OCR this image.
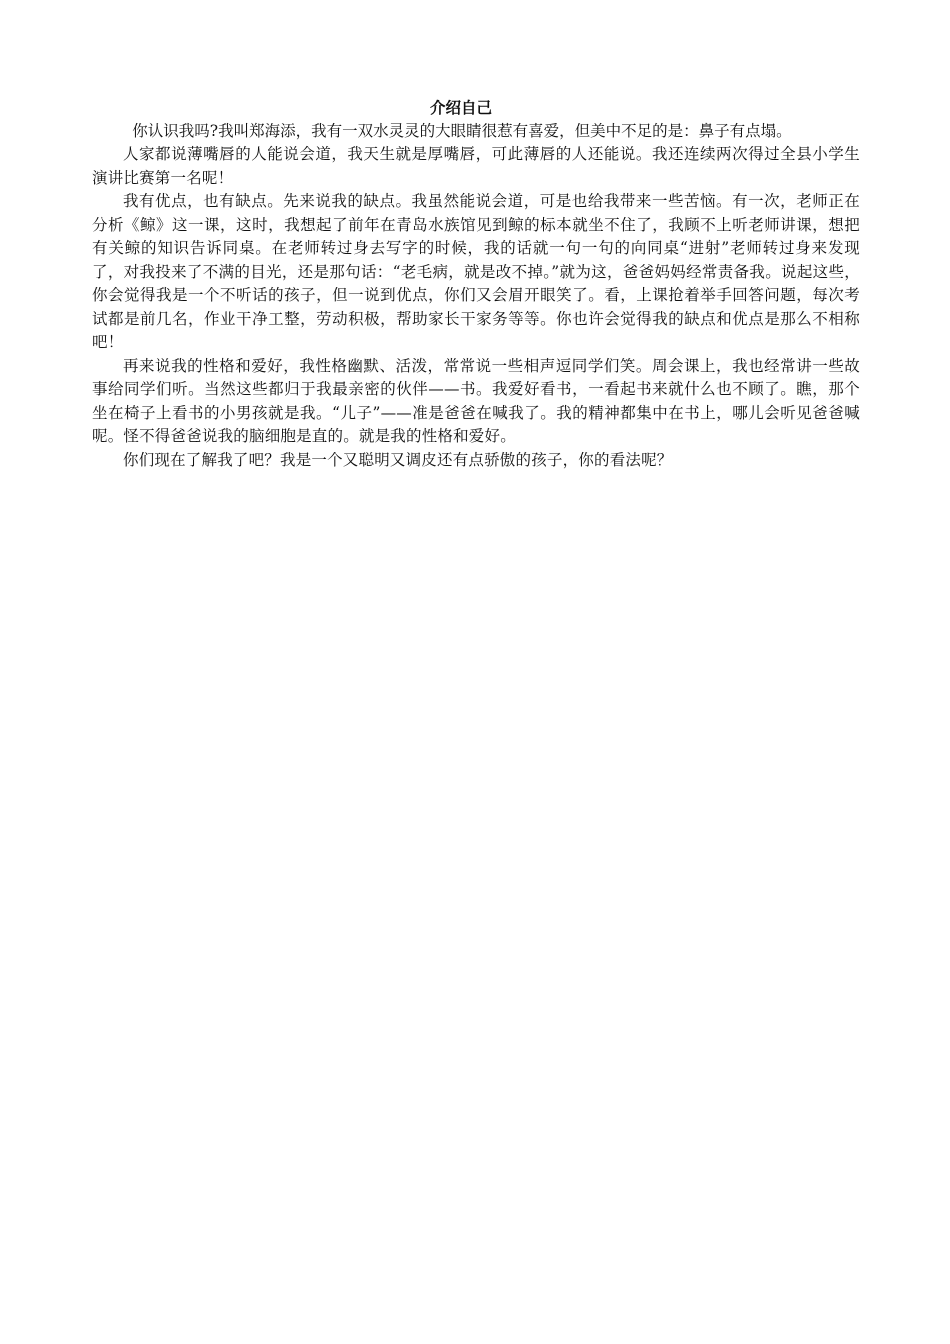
介绍自己

你认识我吗?我叫郑海添，我有一双水灵灵的大眼睛很惹有喜爱，但美中不足的是：鼻子有点塌。

人家都说薄嘴唇的人能说会道，我天生就是厚嘴唇，可此薄唇的人还能说。我还连续两次得过全县小学生演讲比赛第一名呢！

我有优点，也有缺点。先来说我的缺点。我虽然能说会道，可是也给我带来一些苦恼。有一次，老师正在分析《鲸》这一课，这时，我想起了前年在青岛水族馆见到鲸的标本就坐不住了，我顾不上听老师讲课，想把有关鲸的知识告诉同桌。在老师转过身去写字的时候，我的话就一句一句的向同桌“进射”老师转过身来发现了，对我投来了不满的目光，还是那句话：“老毛病，就是改不掉。”就为这，爸爸妈妈经常责备我。说起这些，你会觉得我是一个不听话的孩子，但一说到优点，你们又会眉开眼笑了。看，上课抢着举手回答问题，每次考试都是前几名，作业干净工整，劳动积极，帮助家长干家务等等。你也许会觉得我的缺点和优点是那么不相称吧！

再来说我的性格和爱好，我性格幽默、活泼，常常说一些相声逗同学们笑。周会课上，我也经常讲一些故事给同学们听。当然这些都归于我最亲密的伙伴——书。我爱好看书，一看起书来就什么也不顾了。瞧，那个坐在椅子上看书的小男孩就是我。“儿子”——准是爸爸在喊我了。我的精神都集中在书上，哪儿会听见爸爸喊呢。怪不得爸爸说我的脑细胞是直的。就是我的性格和爱好。

你们现在了解我了吧？我是一个又聪明又调皮还有点骄傲的孩子，你的看法呢？
